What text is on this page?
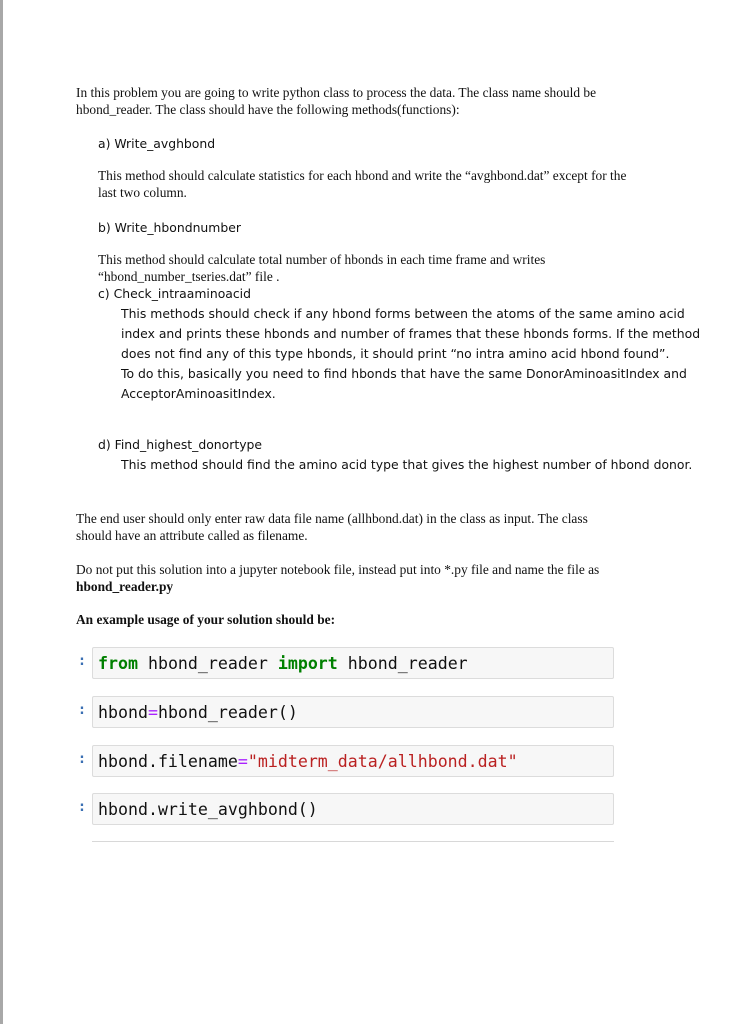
In this problem you are going to write python class to process the data. The class name should be
hbond_reader. The class should have the following methods(functions):
a) Write_avghbond
This method should calculate statistics for each hbond and write the “avghbond.dat” except for the
last two column.
b) Write_hbondnumber
This method should calculate total number of hbonds in each time frame and writes
“hbond_number_tseries.dat” file .
c) Check_intraaminoacid
This methods should check if any hbond forms between the atoms of the same amino acid
index and prints these hbonds and number of frames that these hbonds forms. If the method
does not find any of this type hbonds, it should print “no intra amino acid hbond found”.
To do this, basically you need to find hbonds that have the same DonorAminoasitIndex and
AcceptorAminoasitIndex.
d) Find_highest_donortype
This method should find the amino acid type that gives the highest number of hbond donor.
The end user should only enter raw data file name (allhbond.dat) in the class as input. The class
should have an attribute called as filename.
Do not put this solution into a jupyter notebook file, instead put into *.py file and name the file as
hbond_reader.py
An example usage of your solution should be:
: from hbond_reader import hbond_reader
: hbond=hbond_reader()
: hbond.filename="midterm_data/allhbond.dat"
: hbond.write_avghbond()
